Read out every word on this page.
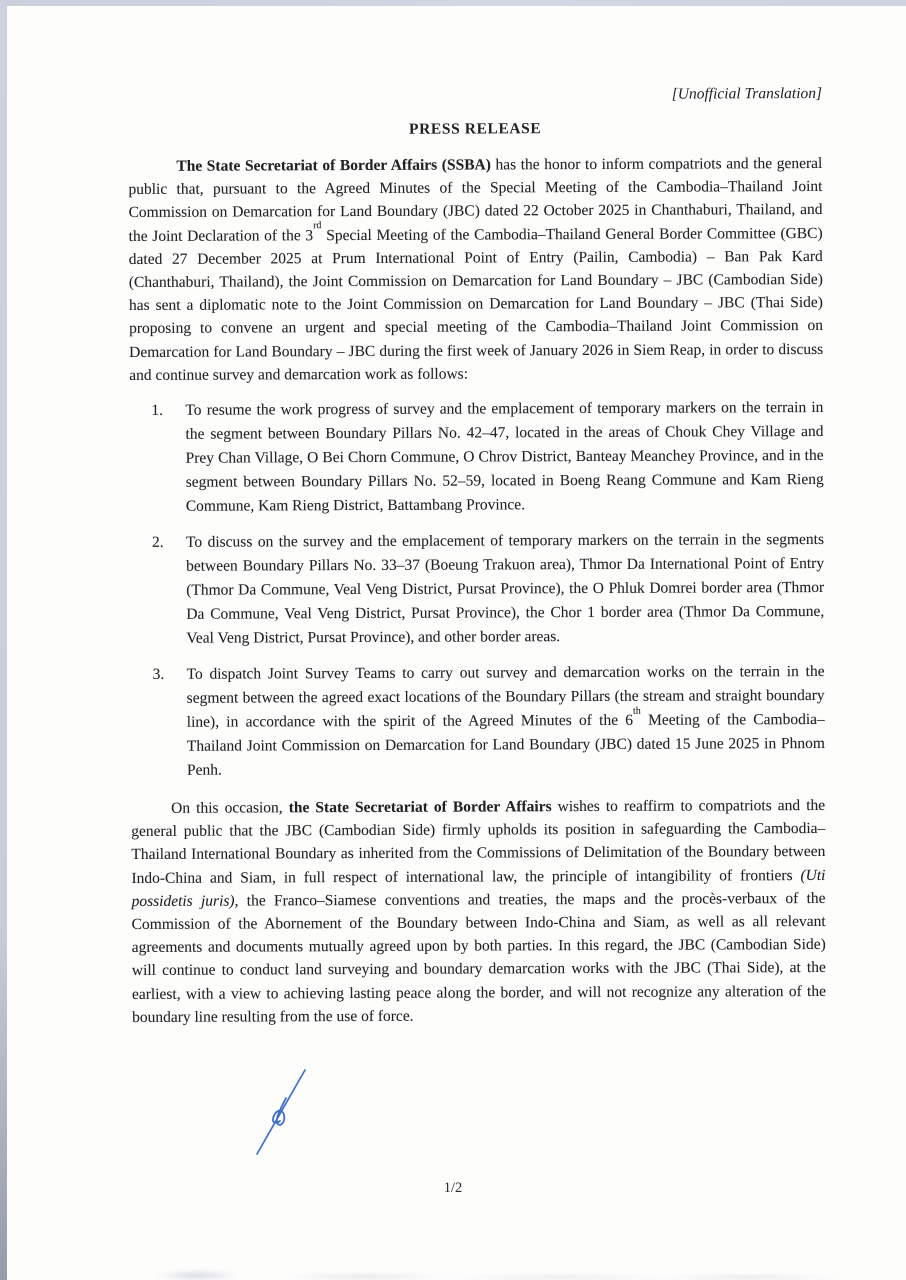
[Unofficial Translation]

PRESS RELEASE

The State Secretariat of Border Affairs (SSBA) has the honor to inform compatriots and the general public that, pursuant to the Agreed Minutes of the Special Meeting of the Cambodia–Thailand Joint Commission on Demarcation for Land Boundary (JBC) dated 22 October 2025 in Chanthaburi, Thailand, and the Joint Declaration of the 3rd Special Meeting of the Cambodia–Thailand General Border Committee (GBC) dated 27 December 2025 at Prum International Point of Entry (Pailin, Cambodia) – Ban Pak Kard (Chanthaburi, Thailand), the Joint Commission on Demarcation for Land Boundary – JBC (Cambodian Side) has sent a diplomatic note to the Joint Commission on Demarcation for Land Boundary – JBC (Thai Side) proposing to convene an urgent and special meeting of the Cambodia–Thailand Joint Commission on Demarcation for Land Boundary – JBC during the first week of January 2026 in Siem Reap, in order to discuss and continue survey and demarcation work as follows:

1. To resume the work progress of survey and the emplacement of temporary markers on the terrain in the segment between Boundary Pillars No. 42–47, located in the areas of Chouk Chey Village and Prey Chan Village, O Bei Chorn Commune, O Chrov District, Banteay Meanchey Province, and in the segment between Boundary Pillars No. 52–59, located in Boeng Reang Commune and Kam Rieng Commune, Kam Rieng District, Battambang Province.
2. To discuss on the survey and the emplacement of temporary markers on the terrain in the segments between Boundary Pillars No. 33–37 (Boeung Trakuon area), Thmor Da International Point of Entry (Thmor Da Commune, Veal Veng District, Pursat Province), the O Phluk Domrei border area (Thmor Da Commune, Veal Veng District, Pursat Province), the Chor 1 border area (Thmor Da Commune, Veal Veng District, Pursat Province), and other border areas.
3. To dispatch Joint Survey Teams to carry out survey and demarcation works on the terrain in the segment between the agreed exact locations of the Boundary Pillars (the stream and straight boundary line), in accordance with the spirit of the Agreed Minutes of the 6th Meeting of the Cambodia–Thailand Joint Commission on Demarcation for Land Boundary (JBC) dated 15 June 2025 in Phnom Penh.

On this occasion, the State Secretariat of Border Affairs wishes to reaffirm to compatriots and the general public that the JBC (Cambodian Side) firmly upholds its position in safeguarding the Cambodia–Thailand International Boundary as inherited from the Commissions of Delimitation of the Boundary between Indo-China and Siam, in full respect of international law, the principle of intangibility of frontiers (Uti possidetis juris), the Franco–Siamese conventions and treaties, the maps and the procès-verbaux of the Commission of the Abornement of the Boundary between Indo-China and Siam, as well as all relevant agreements and documents mutually agreed upon by both parties. In this regard, the JBC (Cambodian Side) will continue to conduct land surveying and boundary demarcation works with the JBC (Thai Side), at the earliest, with a view to achieving lasting peace along the border, and will not recognize any alteration of the boundary line resulting from the use of force.

1/2
